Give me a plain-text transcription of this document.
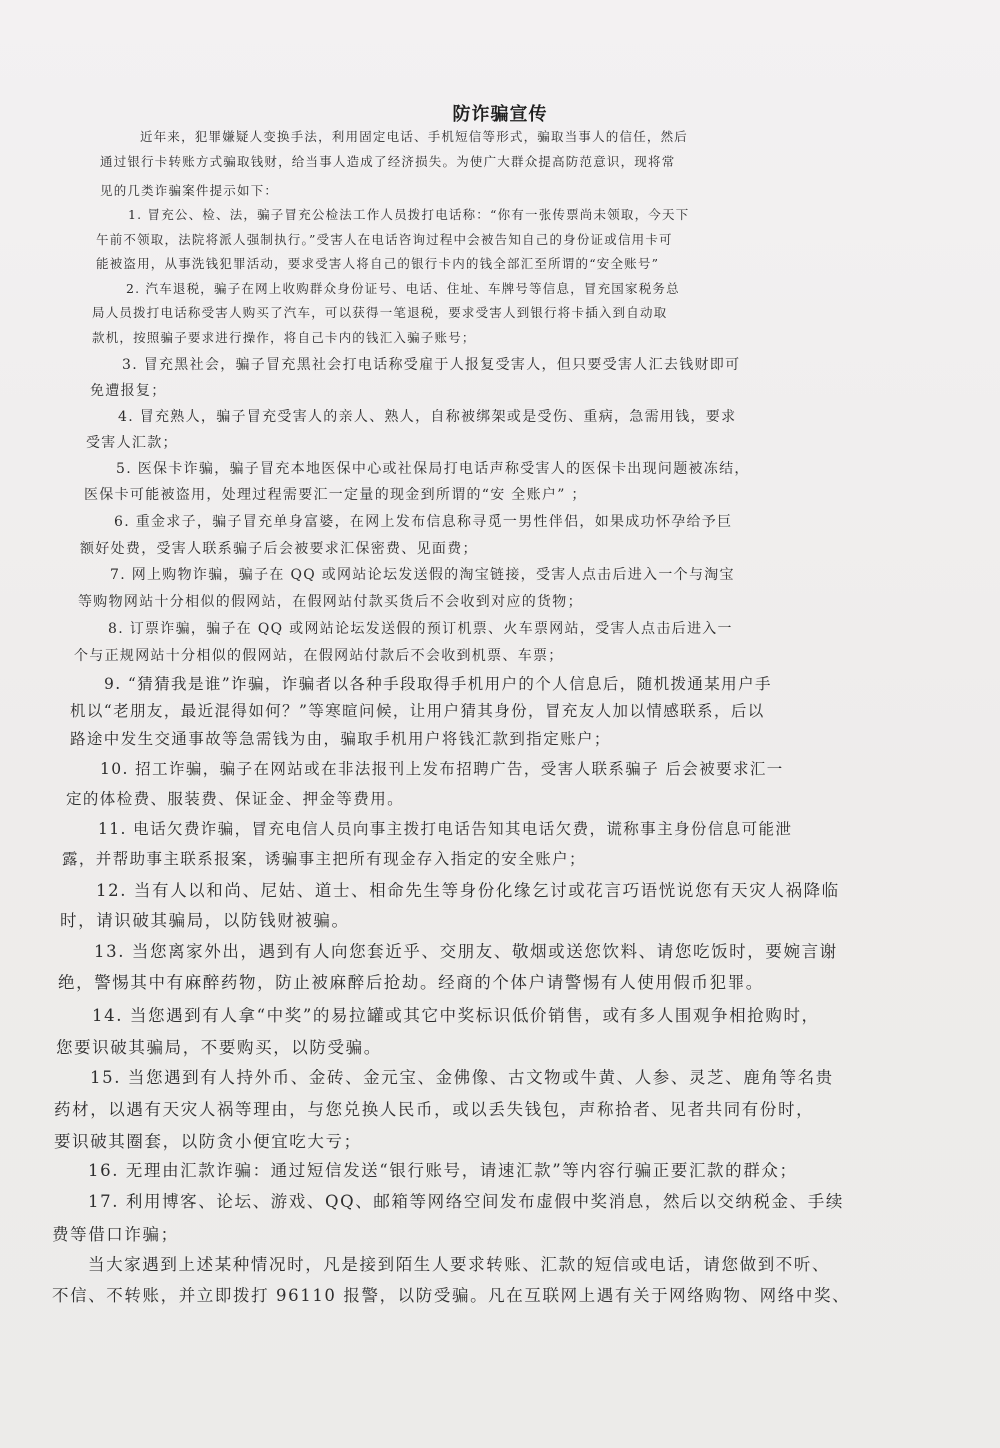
防诈骗宣传
近年来，犯罪嫌疑人变换手法，利用固定电话、手机短信等形式，骗取当事人的信任，然后
通过银行卡转账方式骗取钱财，给当事人造成了经济损失。为使广大群众提高防范意识，现将常
见的几类诈骗案件提示如下：
1. 冒充公、检、法，骗子冒充公检法工作人员拨打电话称：“你有一张传票尚未领取，今天下
午前不领取，法院将派人强制执行。”受害人在电话咨询过程中会被告知自己的身份证或信用卡可
能被盗用，从事洗钱犯罪活动，要求受害人将自己的银行卡内的钱全部汇至所谓的“安全账号”
2. 汽车退税，骗子在网上收购群众身份证号、电话、住址、车牌号等信息，冒充国家税务总
局人员拨打电话称受害人购买了汽车，可以获得一笔退税，要求受害人到银行将卡插入到自动取
款机，按照骗子要求进行操作，将自己卡内的钱汇入骗子账号；
3. 冒充黑社会，骗子冒充黑社会打电话称受雇于人报复受害人，但只要受害人汇去钱财即可
免遭报复；
4. 冒充熟人，骗子冒充受害人的亲人、熟人，自称被绑架或是受伤、重病，急需用钱，要求
受害人汇款；
5. 医保卡诈骗，骗子冒充本地医保中心或社保局打电话声称受害人的医保卡出现问题被冻结，
医保卡可能被盗用，处理过程需要汇一定量的现金到所谓的“安 全账户” ；
6. 重金求子，骗子冒充单身富婆，在网上发布信息称寻觅一男性伴侣，如果成功怀孕给予巨
额好处费，受害人联系骗子后会被要求汇保密费、见面费；
7. 网上购物诈骗，骗子在 QQ 或网站论坛发送假的淘宝链接，受害人点击后进入一个与淘宝
等购物网站十分相似的假网站，在假网站付款买货后不会收到对应的货物；
8. 订票诈骗，骗子在 QQ 或网站论坛发送假的预订机票、火车票网站，受害人点击后进入一
个与正规网站十分相似的假网站，在假网站付款后不会收到机票、车票；
9. “猜猜我是谁”诈骗，诈骗者以各种手段取得手机用户的个人信息后，随机拨通某用户手
机以“老朋友，最近混得如何？”等寒暄问候，让用户猜其身份，冒充友人加以情感联系，后以
路途中发生交通事故等急需钱为由，骗取手机用户将钱汇款到指定账户；
10. 招工诈骗，骗子在网站或在非法报刊上发布招聘广告，受害人联系骗子 后会被要求汇一
定的体检费、服装费、保证金、押金等费用。
11. 电话欠费诈骗，冒充电信人员向事主拨打电话告知其电话欠费，谎称事主身份信息可能泄
露，并帮助事主联系报案，诱骗事主把所有现金存入指定的安全账户；
12. 当有人以和尚、尼姑、道士、相命先生等身份化缘乞讨或花言巧语恍说您有天灾人祸降临
时，请识破其骗局，以防钱财被骗。
13. 当您离家外出，遇到有人向您套近乎、交朋友、敬烟或送您饮料、请您吃饭时，要婉言谢
绝，警惕其中有麻醉药物，防止被麻醉后抢劫。经商的个体户请警惕有人使用假币犯罪。
14. 当您遇到有人拿“中奖”的易拉罐或其它中奖标识低价销售，或有多人围观争相抢购时，
您要识破其骗局，不要购买，以防受骗。
15. 当您遇到有人持外币、金砖、金元宝、金佛像、古文物或牛黄、人参、灵芝、鹿角等名贵
药材，以遇有天灾人祸等理由，与您兑换人民币，或以丢失钱包，声称拾者、见者共同有份时，
要识破其圈套，以防贪小便宜吃大亏；
16. 无理由汇款诈骗：通过短信发送“银行账号，请速汇款”等内容行骗正要汇款的群众；
17. 利用博客、论坛、游戏、QQ、邮箱等网络空间发布虚假中奖消息，然后以交纳税金、手续
费等借口诈骗；
当大家遇到上述某种情况时，凡是接到陌生人要求转账、汇款的短信或电话，请您做到不听、
不信、不转账，并立即拨打 96110 报警，以防受骗。凡在互联网上遇有关于网络购物、网络中奖、
